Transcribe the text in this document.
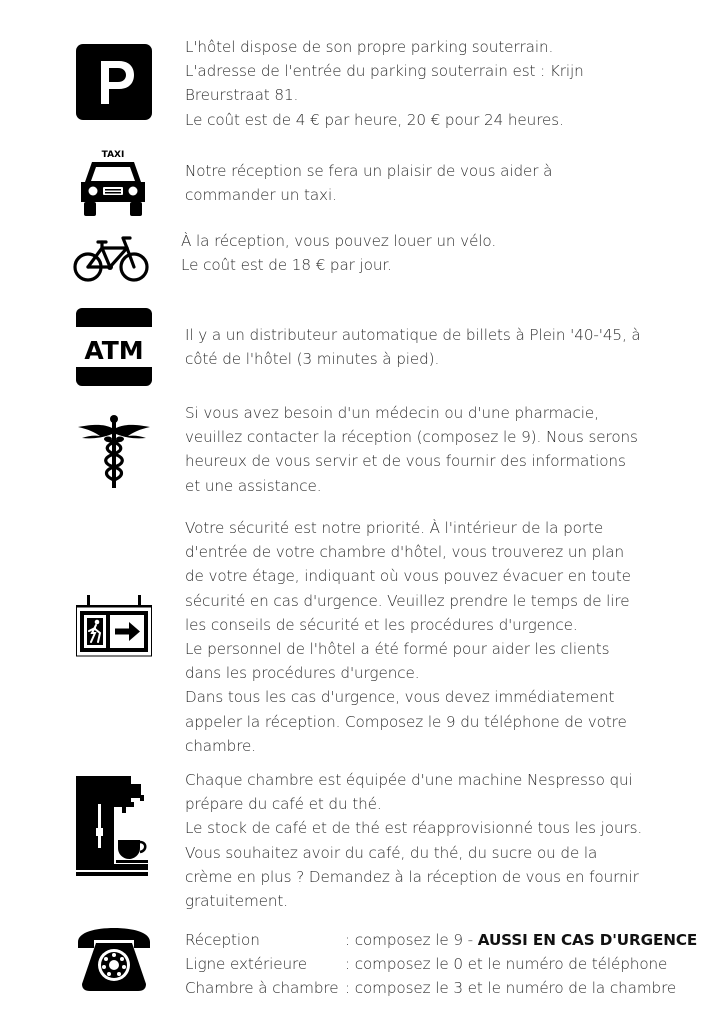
L'hôtel dispose de son propre parking souterrain.
L'adresse de l'entrée du parking souterrain est : Krijn
Breurstraat 81.
Le coût est de 4 € par heure, 20 € pour 24 heures.
TAXI
Notre réception se fera un plaisir de vous aider à
commander un taxi.
À la réception, vous pouvez louer un vélo.
Le coût est de 18 € par jour.
ATM
Il y a un distributeur automatique de billets à Plein '40-'45, à
côté de l'hôtel (3 minutes à pied).
Si vous avez besoin d'un médecin ou d'une pharmacie,
veuillez contacter la réception (composez le 9). Nous serons
heureux de vous servir et de vous fournir des informations
et une assistance.
Votre sécurité est notre priorité. À l'intérieur de la porte
d'entrée de votre chambre d'hôtel, vous trouverez un plan
de votre étage, indiquant où vous pouvez évacuer en toute
sécurité en cas d'urgence. Veuillez prendre le temps de lire
les conseils de sécurité et les procédures d'urgence.
Le personnel de l'hôtel a été formé pour aider les clients
dans les procédures d'urgence.
Dans tous les cas d'urgence, vous devez immédiatement
appeler la réception. Composez le 9 du téléphone de votre
chambre.
Chaque chambre est équipée d'une machine Nespresso qui
prépare du café et du thé.
Le stock de café et de thé est réapprovisionné tous les jours.
Vous souhaitez avoir du café, du thé, du sucre ou de la
crème en plus ? Demandez à la réception de vous en fournir
gratuitement.
Réception	: composez le 9 - AUSSI EN CAS D'URGENCE
Ligne extérieure : composez le 0 et le numéro de téléphone
Chambre à chambre : composez le 3 et le numéro de la chambre
